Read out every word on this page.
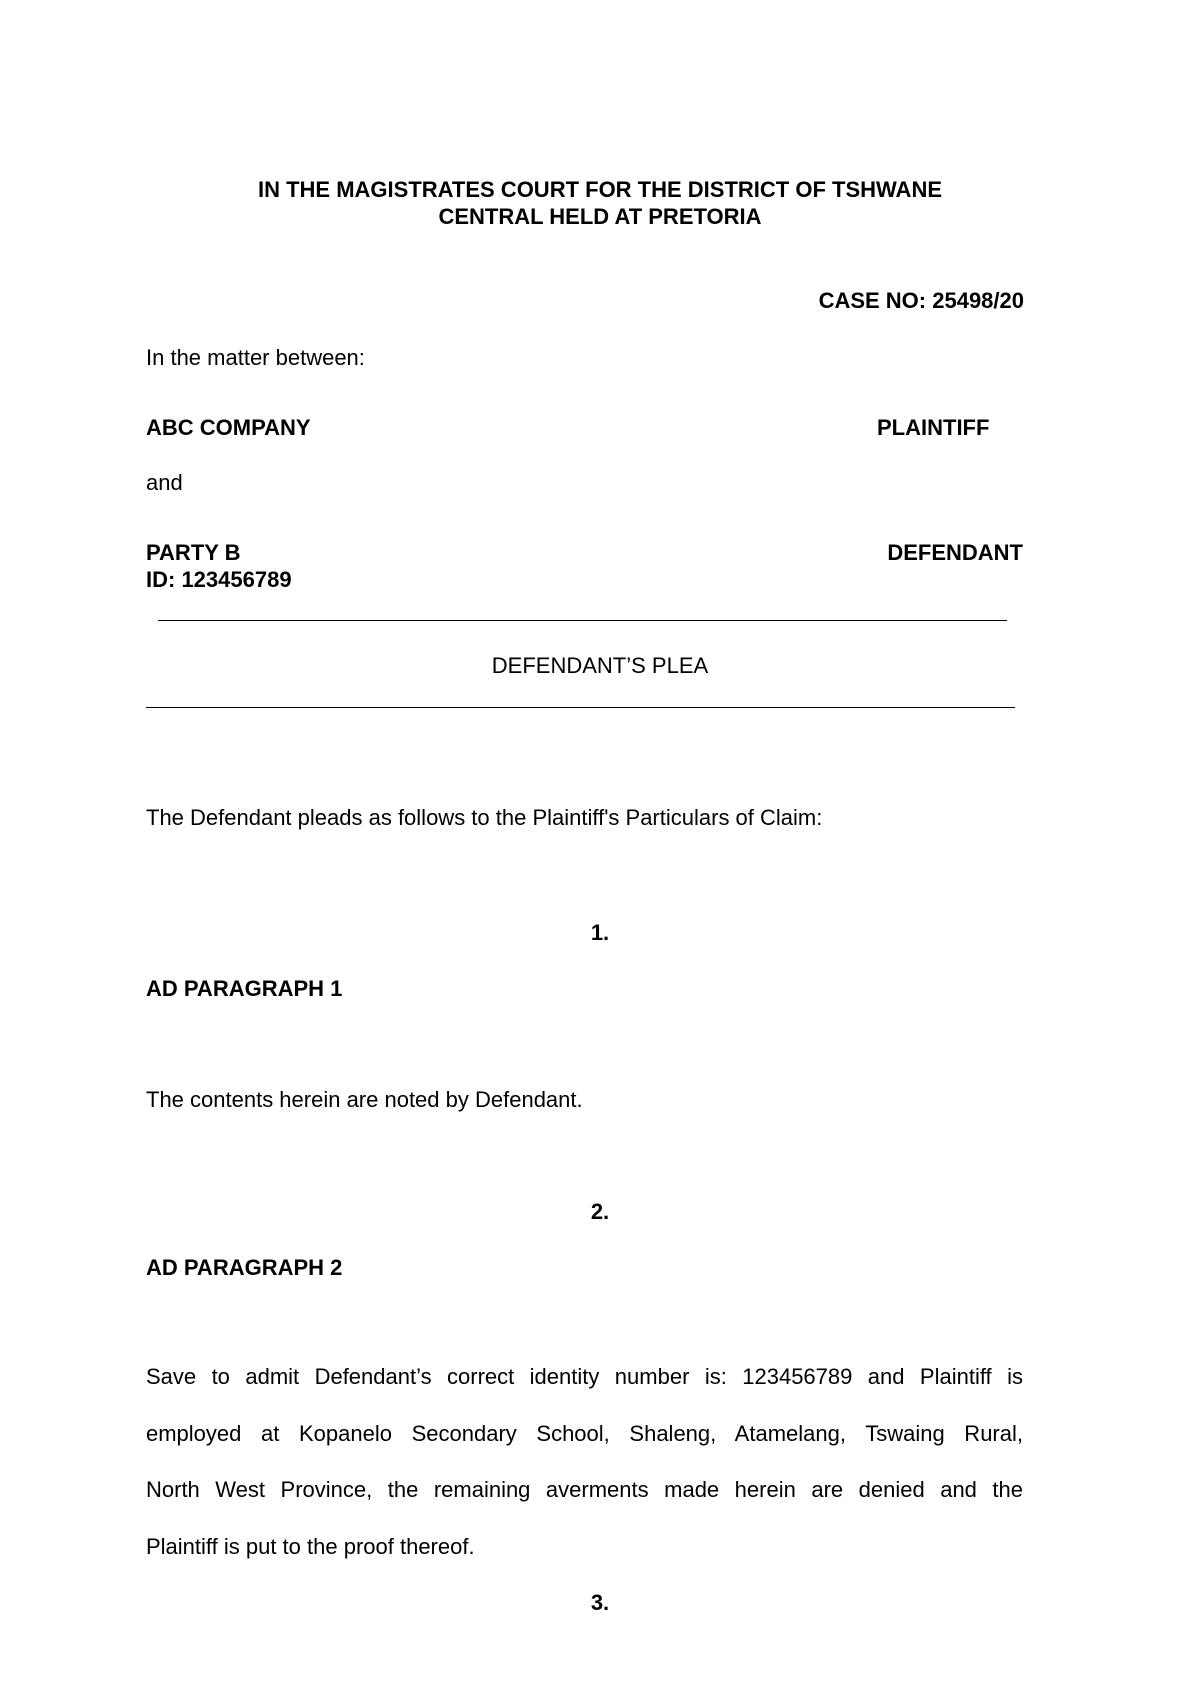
IN THE MAGISTRATES COURT FOR THE DISTRICT OF TSHWANE
CENTRAL HELD AT PRETORIA
CASE NO: 25498/20
In the matter between:
ABC COMPANY	PLAINTIFF
and
PARTY B
ID: 123456789
DEFENDANT
DEFENDANT’S PLEA
The Defendant pleads as follows to the Plaintiff's Particulars of Claim:
1.
AD PARAGRAPH 1
The contents herein are noted by Defendant.
2.
AD PARAGRAPH 2
Save to admit Defendant’s correct identity number is: 123456789 and Plaintiff is
employed at Kopanelo Secondary School, Shaleng, Atamelang, Tswaing Rural,
North West Province, the remaining averments made herein are denied and the
Plaintiff is put to the proof thereof.
3.
